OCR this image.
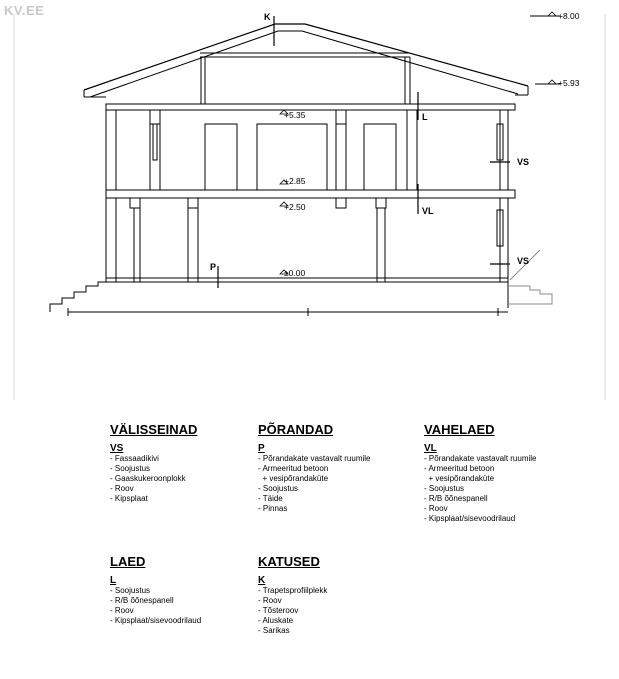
KV.EE	+8.00
+5.93
+5.35
+2.85
+2.50
±0.00
K
L
VS
VL
VS
P
VÄLISSEINAD
VS
- Fassaadikivi
- Soojustus
- Gaaskukeroonplokk
- Roov
- Kipsplaat
PÕRANDAD
P
- Põrandakate vastavalt ruumile
- Armeeritud betoon
+ vesipõrandaküte
- Soojustus
- Täide
- Pinnas
VAHELAED
VL
- Põrandakate vastavalt ruumile
- Armeeritud betoon
+ vesipõrandaküte
- Soojustus
- R/B õõnespanell
- Roov
- Kipsplaat/sisevoodrilaud
LAED
L
- Soojustus
- R/B õõnespanell
- Roov
- Kipsplaat/sisevoodrilaud
KATUSED
K
- Trapetsprofiilplekk
- Roov
- Tõsteroov
- Aluskate
- Sarikas
